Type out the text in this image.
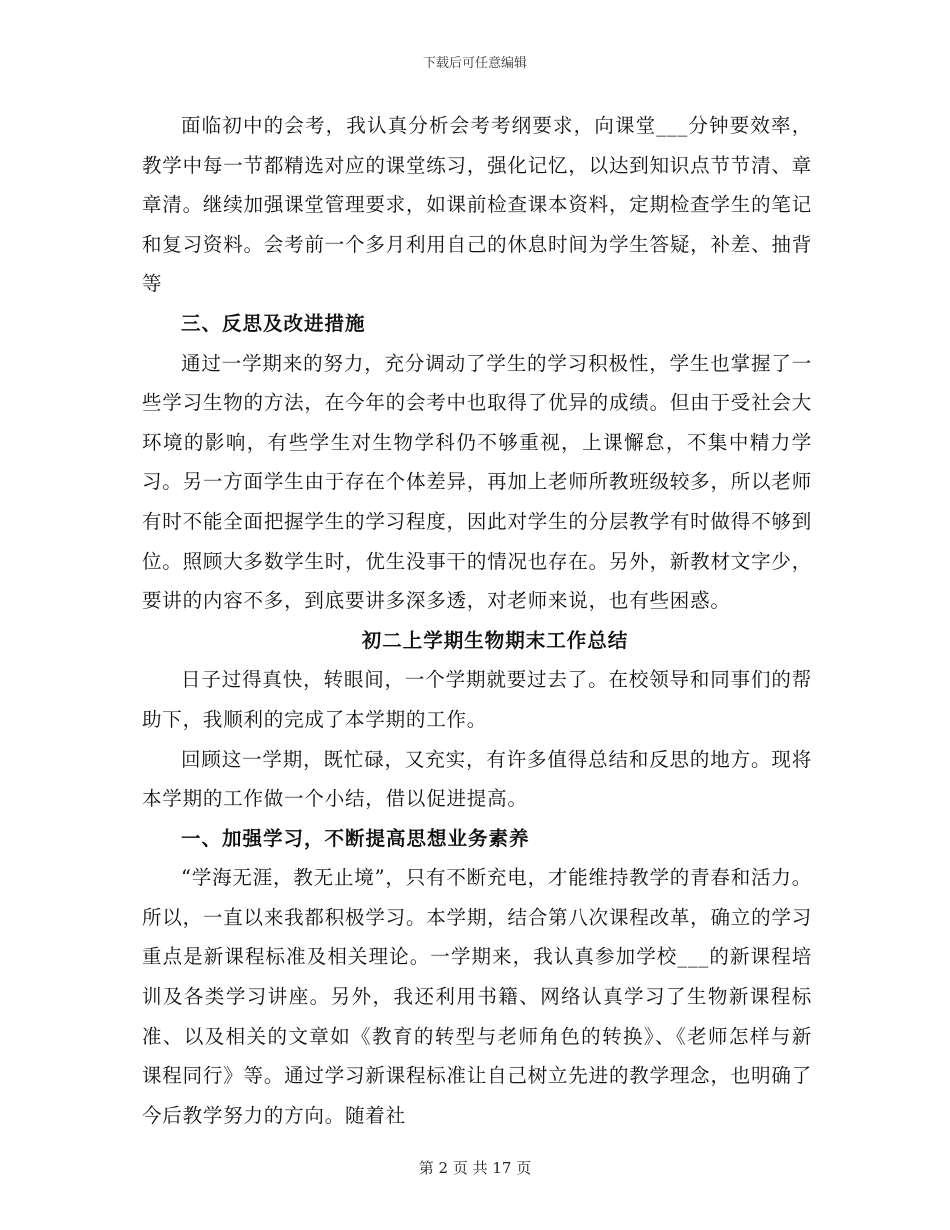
下载后可任意编辑

面临初中的会考，我认真分析会考考纲要求，向课堂___分钟要效率，教学中每一节都精选对应的课堂练习，强化记忆，以达到知识点节节清、章章清。继续加强课堂管理要求，如课前检查课本资料，定期检查学生的笔记和复习资料。会考前一个多月利用自己的休息时间为学生答疑，补差、抽背等

三、反思及改进措施

通过一学期来的努力，充分调动了学生的学习积极性，学生也掌握了一些学习生物的方法，在今年的会考中也取得了优异的成绩。但由于受社会大环境的影响，有些学生对生物学科仍不够重视，上课懈怠，不集中精力学习。另一方面学生由于存在个体差异，再加上老师所教班级较多，所以老师有时不能全面把握学生的学习程度，因此对学生的分层教学有时做得不够到位。照顾大多数学生时，优生没事干的情况也存在。另外，新教材文字少，要讲的内容不多，到底要讲多深多透，对老师来说，也有些困惑。

初二上学期生物期末工作总结

日子过得真快，转眼间，一个学期就要过去了。在校领导和同事们的帮助下，我顺利的完成了本学期的工作。

回顾这一学期，既忙碌，又充实，有许多值得总结和反思的地方。现将本学期的工作做一个小结，借以促进提高。

一、加强学习，不断提高思想业务素养

“学海无涯，教无止境”，只有不断充电，才能维持教学的青春和活力。所以，一直以来我都积极学习。本学期，结合第八次课程改革，确立的学习重点是新课程标准及相关理论。一学期来，我认真参加学校___的新课程培训及各类学习讲座。另外，我还利用书籍、网络认真学习了生物新课程标准、以及相关的文章如《教育的转型与老师角色的转换》、《老师怎样与新课程同行》等。通过学习新课程标准让自己树立先进的教学理念，也明确了今后教学努力的方向。随着社

第 2 页 共 17 页
